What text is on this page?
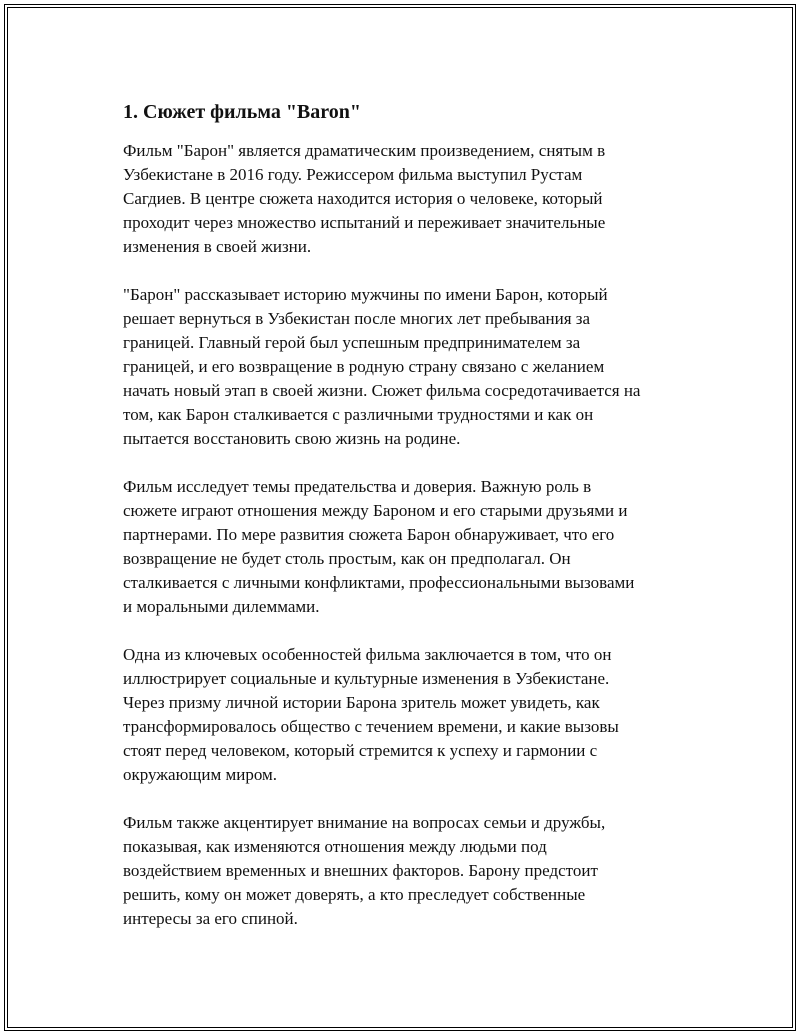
1. Сюжет фильма "Baron"

Фильм "Барон" является драматическим произведением, снятым в
Узбекистане в 2016 году. Режиссером фильма выступил Рустам
Сагдиев. В центре сюжета находится история о человеке, который
проходит через множество испытаний и переживает значительные
изменения в своей жизни.

"Барон" рассказывает историю мужчины по имени Барон, который
решает вернуться в Узбекистан после многих лет пребывания за
границей. Главный герой был успешным предпринимателем за
границей, и его возвращение в родную страну связано с желанием
начать новый этап в своей жизни. Сюжет фильма сосредотачивается на
том, как Барон сталкивается с различными трудностями и как он
пытается восстановить свою жизнь на родине.

Фильм исследует темы предательства и доверия. Важную роль в
сюжете играют отношения между Бароном и его старыми друзьями и
партнерами. По мере развития сюжета Барон обнаруживает, что его
возвращение не будет столь простым, как он предполагал. Он
сталкивается с личными конфликтами, профессиональными вызовами
и моральными дилеммами.

Одна из ключевых особенностей фильма заключается в том, что он
иллюстрирует социальные и культурные изменения в Узбекистане.
Через призму личной истории Барона зритель может увидеть, как
трансформировалось общество с течением времени, и какие вызовы
стоят перед человеком, который стремится к успеху и гармонии с
окружающим миром.

Фильм также акцентирует внимание на вопросах семьи и дружбы,
показывая, как изменяются отношения между людьми под
воздействием временных и внешних факторов. Барону предстоит
решить, кому он может доверять, а кто преследует собственные
интересы за его спиной.
